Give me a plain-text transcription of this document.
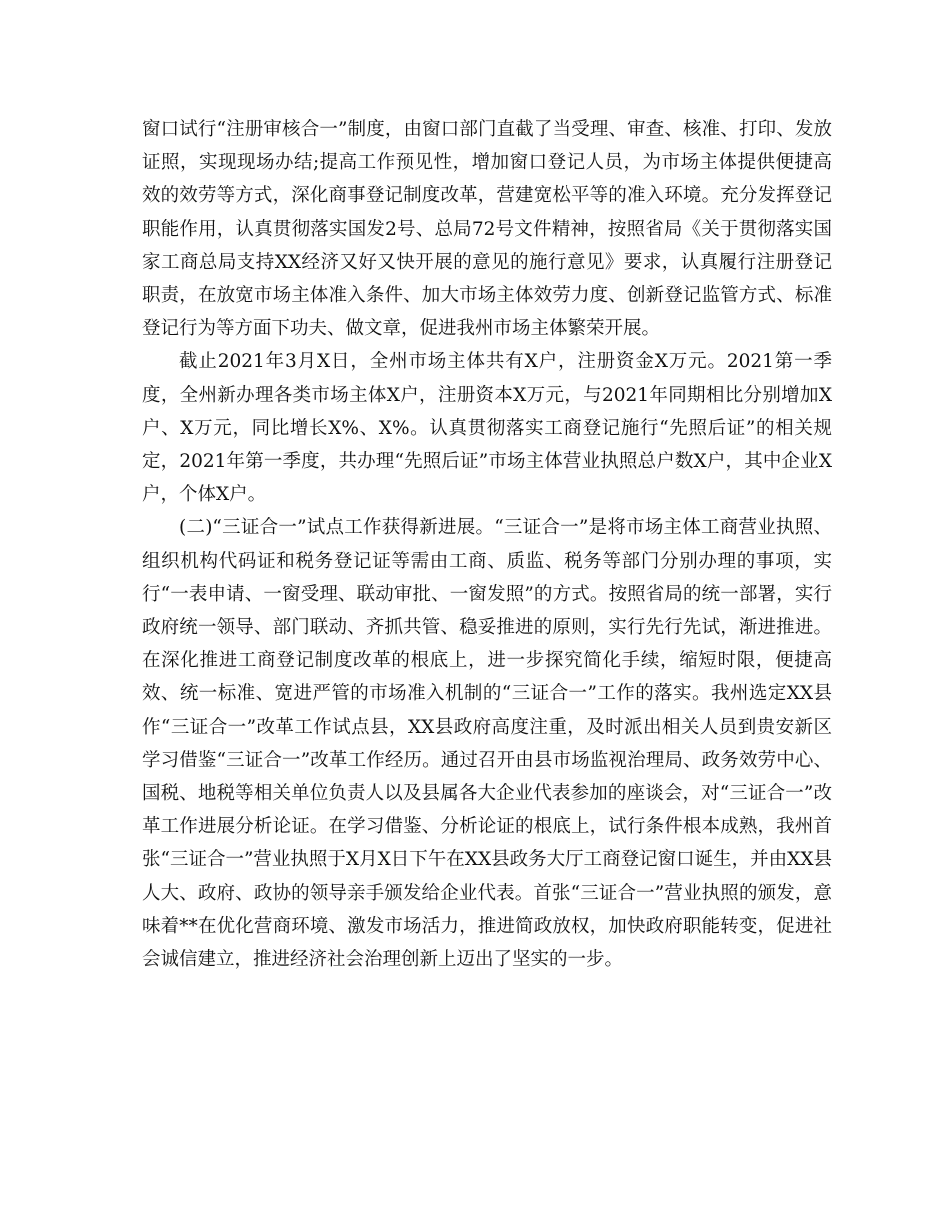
窗口试行“注册审核合一”制度，由窗口部门直截了当受理、审查、核准、打印、发放证照，实现现场办结;提高工作预见性，增加窗口登记人员，为市场主体提供便捷高效的效劳等方式，深化商事登记制度改革，营建宽松平等的准入环境。充分发挥登记职能作用，认真贯彻落实国发2号、总局72号文件精神，按照省局《关于贯彻落实国家工商总局支持XX经济又好又快开展的意见的施行意见》要求，认真履行注册登记职责，在放宽市场主体准入条件、加大市场主体效劳力度、创新登记监管方式、标准登记行为等方面下功夫、做文章，促进我州市场主体繁荣开展。

截止2021年3月X日，全州市场主体共有X户，注册资金X万元。2021第一季度，全州新办理各类市场主体X户，注册资本X万元，与2021年同期相比分别增加X户、X万元，同比增长X%、X%。认真贯彻落实工商登记施行“先照后证”的相关规定，2021年第一季度，共办理“先照后证”市场主体营业执照总户数X户，其中企业X户，个体X户。

(二)“三证合一”试点工作获得新进展。“三证合一”是将市场主体工商营业执照、组织机构代码证和税务登记证等需由工商、质监、税务等部门分别办理的事项，实行“一表申请、一窗受理、联动审批、一窗发照”的方式。按照省局的统一部署，实行政府统一领导、部门联动、齐抓共管、稳妥推进的原则，实行先行先试，渐进推进。在深化推进工商登记制度改革的根底上，进一步探究简化手续，缩短时限，便捷高效、统一标准、宽进严管的市场准入机制的“三证合一”工作的落实。我州选定XX县作“三证合一”改革工作试点县，XX县政府高度注重，及时派出相关人员到贵安新区学习借鉴“三证合一”改革工作经历。通过召开由县市场监视治理局、政务效劳中心、国税、地税等相关单位负责人以及县属各大企业代表参加的座谈会，对“三证合一”改革工作进展分析论证。在学习借鉴、分析论证的根底上，试行条件根本成熟，我州首张“三证合一”营业执照于X月X日下午在XX县政务大厅工商登记窗口诞生，并由XX县人大、政府、政协的领导亲手颁发给企业代表。首张“三证合一”营业执照的颁发，意味着**在优化营商环境、激发市场活力，推进简政放权，加快政府职能转变，促进社会诚信建立，推进经济社会治理创新上迈出了坚实的一步。
